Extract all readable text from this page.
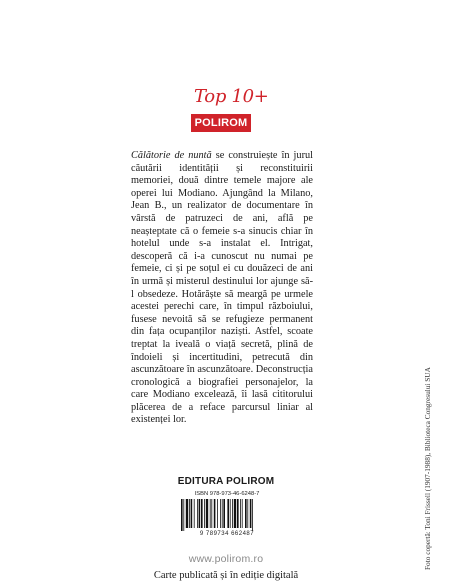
Top 10+
POLIROM

Călătorie de nuntă se construiește în jurul căutării identității și reconstituirii memoriei, două dintre temele majore ale operei lui Modiano. Ajungând la Milano, Jean B., un realizator de documentare în vârstă de patruzeci de ani, află pe neașteptate că o femeie s-a sinucis chiar în hotelul unde s-a instalat el. Intrigat, descoperă că i-a cunoscut nu numai pe femeie, ci și pe soțul ei cu douăzeci de ani în urmă și misterul destinului lor ajunge să-l obsedeze. Hotărăște să meargă pe urmele acestei perechi care, în timpul războiului, fusese nevoită să se refugieze permanent din fața ocupanților naziști. Astfel, scoate treptat la iveală o viață secretă, plină de îndoieli și incertitudini, petrecută din ascunzătoare în ascunzătoare. Deconstrucția cronologică a biografiei personajelor, la care Modiano excelează, îi lasă cititorului plăcerea de a reface parcursul liniar al existenței lor.	Foto copertă: Toni Frissell (1907-1988), Biblioteca Congresului SUA
EDITURA POLIROM
ISBN 978-973-46-6248-7
9 789734 662487
www.polirom.ro
Carte publicată și în ediție digitală
